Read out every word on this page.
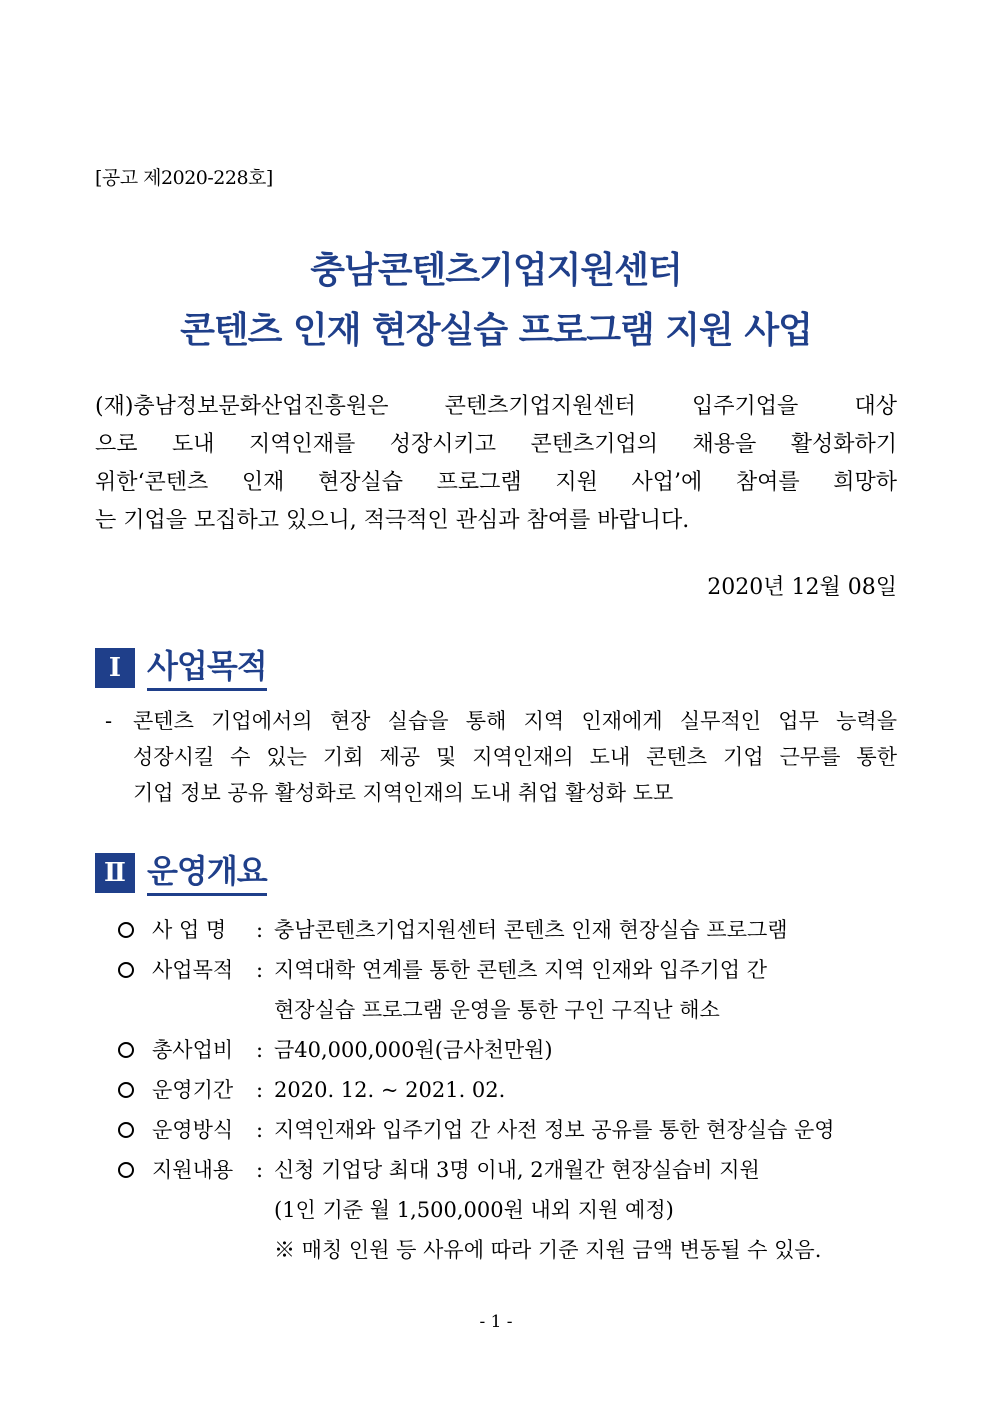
[공고 제2020-228호]
충남콘텐츠기업지원센터
콘텐츠 인재 현장실습 프로그램 지원 사업
(재)충남정보문화산업진흥원은 콘텐츠기업지원센터 입주기업을 대상
으로 도내 지역인재를 성장시키고 콘텐츠기업의 채용을 활성화하기
위한‘콘텐츠 인재 현장실습 프로그램 지원 사업’에 참여를 희망하
는 기업을 모집하고 있으니, 적극적인 관심과 참여를 바랍니다.
2020년 12월 08일
Ⅰ 사업목적
- 콘텐츠 기업에서의 현장 실습을 통해 지역 인재에게 실무적인 업무 능력을
성장시킬 수 있는 기회 제공 및 지역인재의 도내 콘텐츠 기업 근무를 통한
기업 정보 공유 활성화로 지역인재의 도내 취업 활성화 도모
Ⅱ 운영개요
사 업 명	: 충남콘텐츠기업지원센터 콘텐츠 인재 현장실습 프로그램
사업목적	: 지역대학 연계를 통한 콘텐츠 지역 인재와 입주기업 간
현장실습 프로그램 운영을 통한 구인 구직난 해소
총사업비	: 금40,000,000원(금사천만원)
운영기간	: 2020. 12. ~ 2021. 02.
운영방식	: 지역인재와 입주기업 간 사전 정보 공유를 통한 현장실습 운영
지원내용	: 신청 기업당 최대 3명 이내, 2개월간 현장실습비 지원
(1인 기준 월 1,500,000원 내외 지원 예정)
※ 매칭 인원 등 사유에 따라 기준 지원 금액 변동될 수 있음.
- 1 -
